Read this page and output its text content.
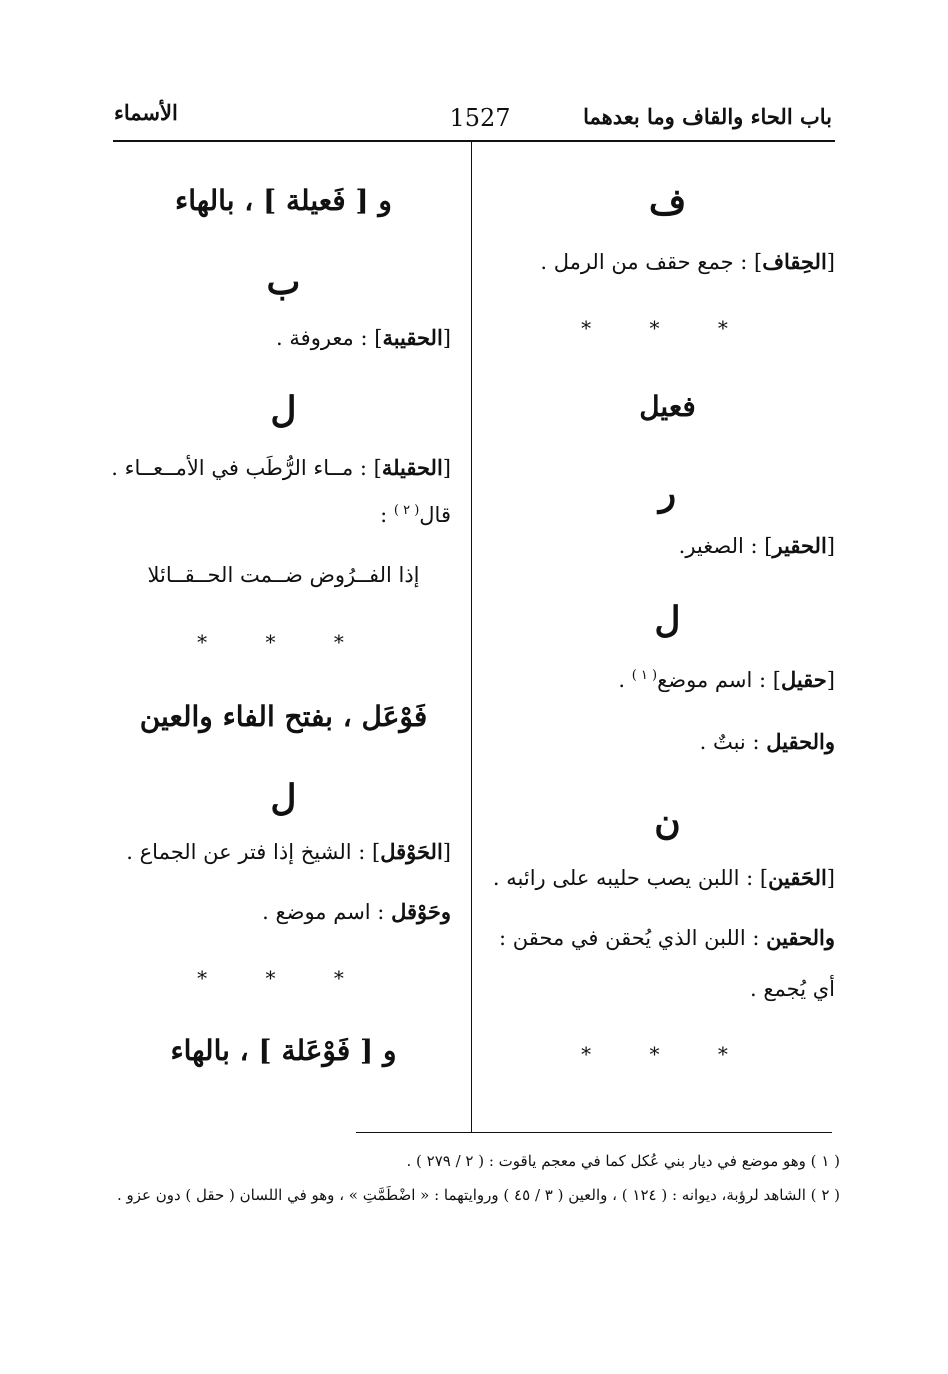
باب الحاء والقاف وما بعدهما
1527
الأسماء
ف
[الحِقاف] : جمع حقف من الرمل .
* * *
فعيل
ر
[الحقير] : الصغير.
ل
[حقيل] : اسم موضع$^{( ١ )}$ .
والحقيل : نبتٌ .
ن
[الحَقين] : اللبن يصب حليبه على رائبه .
والحقين : اللبن الذي يُحقن في محقن :
أي يُجمع .
* * *
و [ فَعيلة ] ، بالهاء
ب
[الحقيبة] : معروفة .
ل
[الحقيلة] : مــاء الرُّطَب في الأمــعــاء .
قال$^{( ٢ )}$ :
إذا الفــرُوض ضــمت الحــقــائلا
* * *
فَوْعَل ، بفتح الفاء والعين
ل
[الحَوْقل] : الشيخ إذا فتر عن الجماع .
وحَوْقل : اسم موضع .
* * *
و [ فَوْعَلة ] ، بالهاء
( ١ ) وهو موضع في ديار بني عُكل كما في معجم ياقوت : ( ٢ / ٢٧٩ ) .
( ٢ ) الشاهد لرؤبة، ديوانه : ( ١٢٤ ) ، والعين ( ٣ / ٤٥ ) وروايتهما : « اضْطَمَّتِ » ، وهو في اللسان ( حقل ) دون عزو .
